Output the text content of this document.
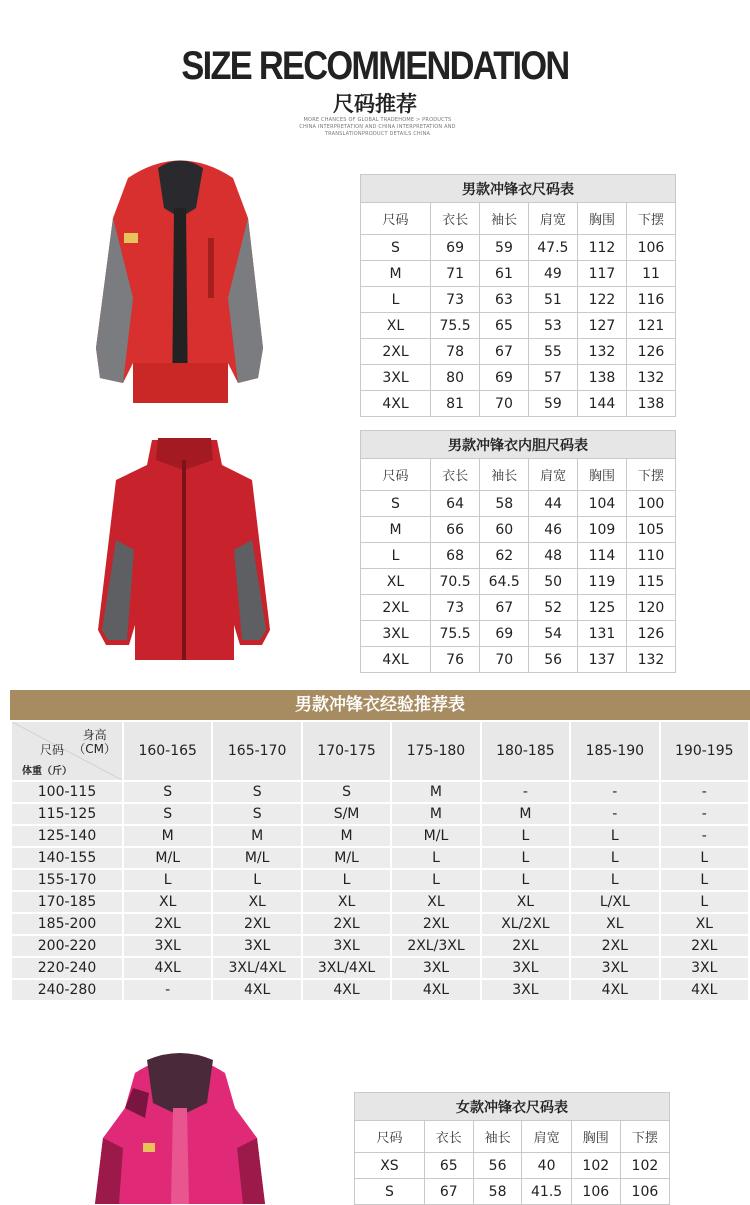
SIZE RECOMMENDATION
尺码推荐
MORE CHANCES OF GLOBAL TRADEHOME > PRODUCTS
CHINA INTERPRETATION AND CHINA INTERPRETATION AND
TRANSLATIONPRODUCT DETAILS CHINA
男款冲锋衣尺码表					
尺码	衣长	袖长	肩宽	胸围	下摆
S	69	59	47.5	112	106
M	71	61	49	117	11
L	73	63	51	122	116
XL	75.5	65	53	127	121
2XL	78	67	55	132	126
3XL	80	69	57	138	132
4XL	81	70	59	144	138
男款冲锋衣内胆尺码表					
尺码	衣长	袖长	肩宽	胸围	下摆
S	64	58	44	104	100
M	66	60	46	109	105
L	68	62	48	114	110
XL	70.5	64.5	50	119	115
2XL	73	67	52	125	120
3XL	75.5	69	54	131	126
4XL	76	70	56	137	132
男款冲锋衣经验推荐表
身高
（CM）
尺码
体重（斤）	160-165	165-170	170-175	175-180	180-185	185-190	190-195
100-115	S	S	S	M	-	-	-
115-125	S	S	S/M	M	M	-	-
125-140	M	M	M	M/L	L	L	-
140-155	M/L	M/L	M/L	L	L	L	L
155-170	L	L	L	L	L	L	L
170-185	XL	XL	XL	XL	XL	L/XL	L
185-200	2XL	2XL	2XL	2XL	XL/2XL	XL	XL
200-220	3XL	3XL	3XL	2XL/3XL	2XL	2XL	2XL
220-240	4XL	3XL/4XL	3XL/4XL	3XL	3XL	3XL	3XL
240-280	-	4XL	4XL	4XL	3XL	4XL	4XL
女款冲锋衣尺码表					
尺码	衣长	袖长	肩宽	胸围	下摆
XS	65	56	40	102	102
S	67	58	41.5	106	106
